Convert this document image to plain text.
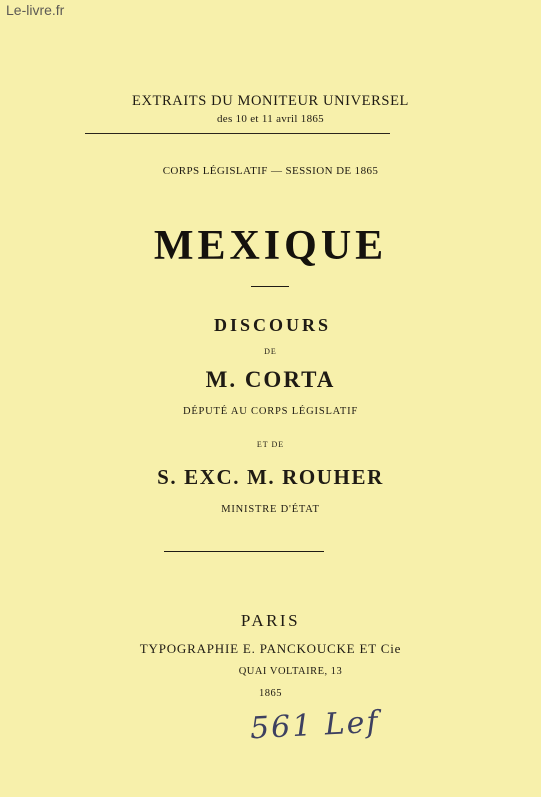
Le-livre.fr
EXTRAITS DU MONITEUR UNIVERSEL
des 10 et 11 avril 1865
CORPS LÉGISLATIF — SESSION DE 1865
MEXIQUE
DISCOURS
DE
M. CORTA
DÉPUTÉ AU CORPS LÉGISLATIF
ET DE
S. EXC. M. ROUHER
MINISTRE D'ÉTAT
PARIS
TYPOGRAPHIE E. PANCKOUCKE ET Cie
QUAI VOLTAIRE, 13
1865
561 Lef
